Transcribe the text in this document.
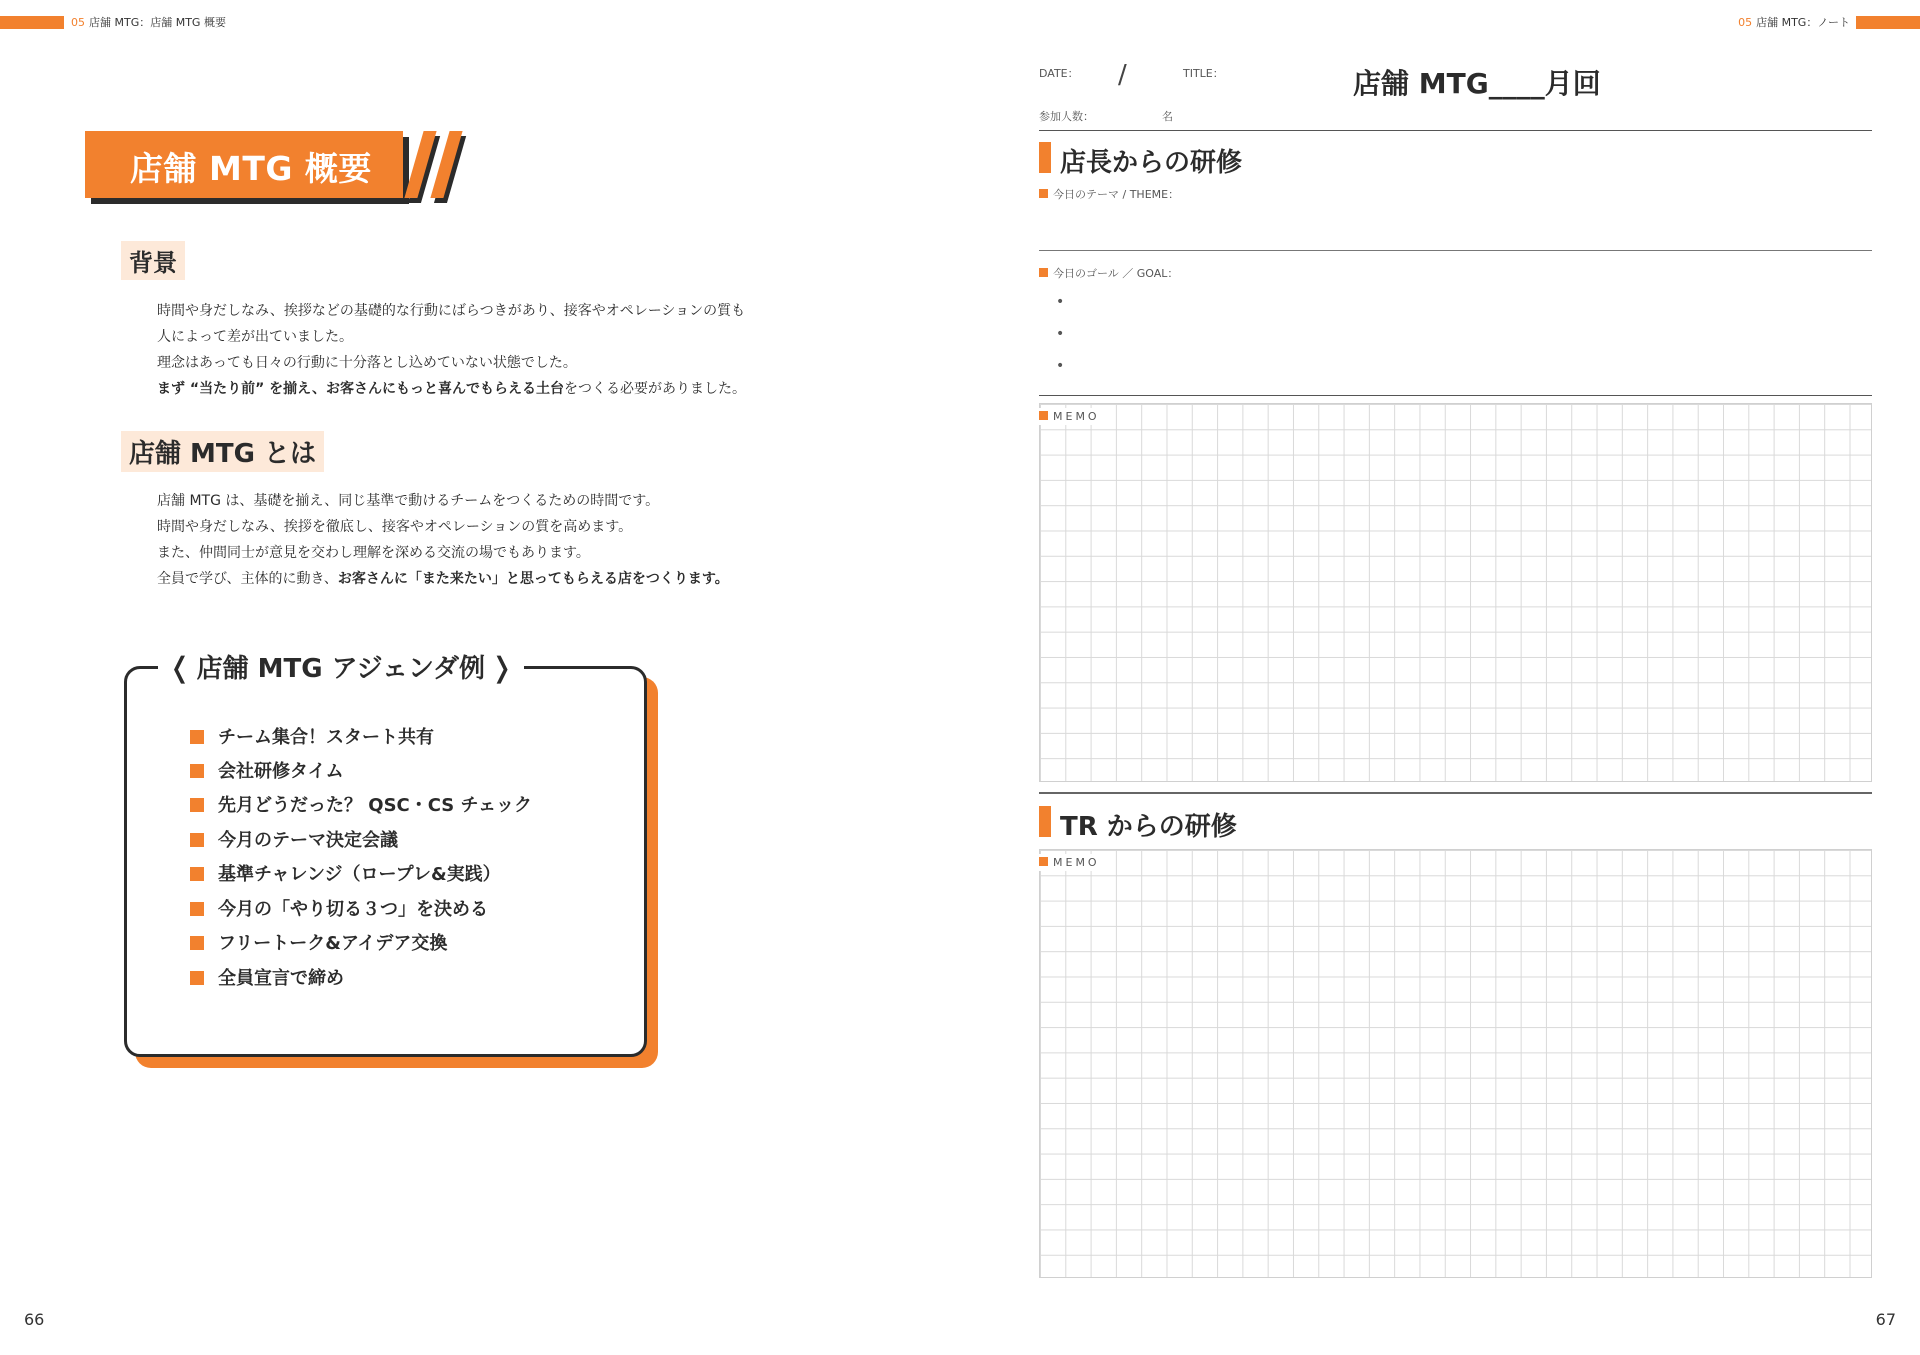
05 店舗 MTG：店舗 MTG 概要
店舗 MTG 概要
背景
時間や身だしなみ、挨拶などの基礎的な行動にばらつきがあり、接客やオペレーションの質も
人によって差が出ていました。
理念はあっても日々の行動に十分落とし込めていない状態でした。
まず “当たり前” を揃え、お客さんにもっと喜んでもらえる土台をつくる必要がありました。
店舗 MTG とは
店舗 MTG は、基礎を揃え、同じ基準で動けるチームをつくるための時間です。
時間や身だしなみ、挨拶を徹底し、接客やオペレーションの質を高めます。
また、仲間同士が意見を交わし理解を深める交流の場でもあります。
全員で学び、主体的に動き、お客さんに「また来たい」と思ってもらえる店をつくります。
❬ 店舗 MTG アジェンダ例 ❭
チーム集合！スタート共有
会社研修タイム
先月どうだった？ QSC・CS チェック
今月のテーマ決定会議
基準チャレンジ（ロープレ&実践）
今月の「やり切る３つ」を決める
フリートーク&アイデア交換
全員宣言で締め
66
05 店舗 MTG：ノート
DATE： /	TITLE：	店舗 MTG____月回
参加人数：	名
店長からの研修
今日のテーマ / THEME：
今日のゴール ／ GOAL：
•
•
•
MEMO
TR からの研修
MEMO
67
